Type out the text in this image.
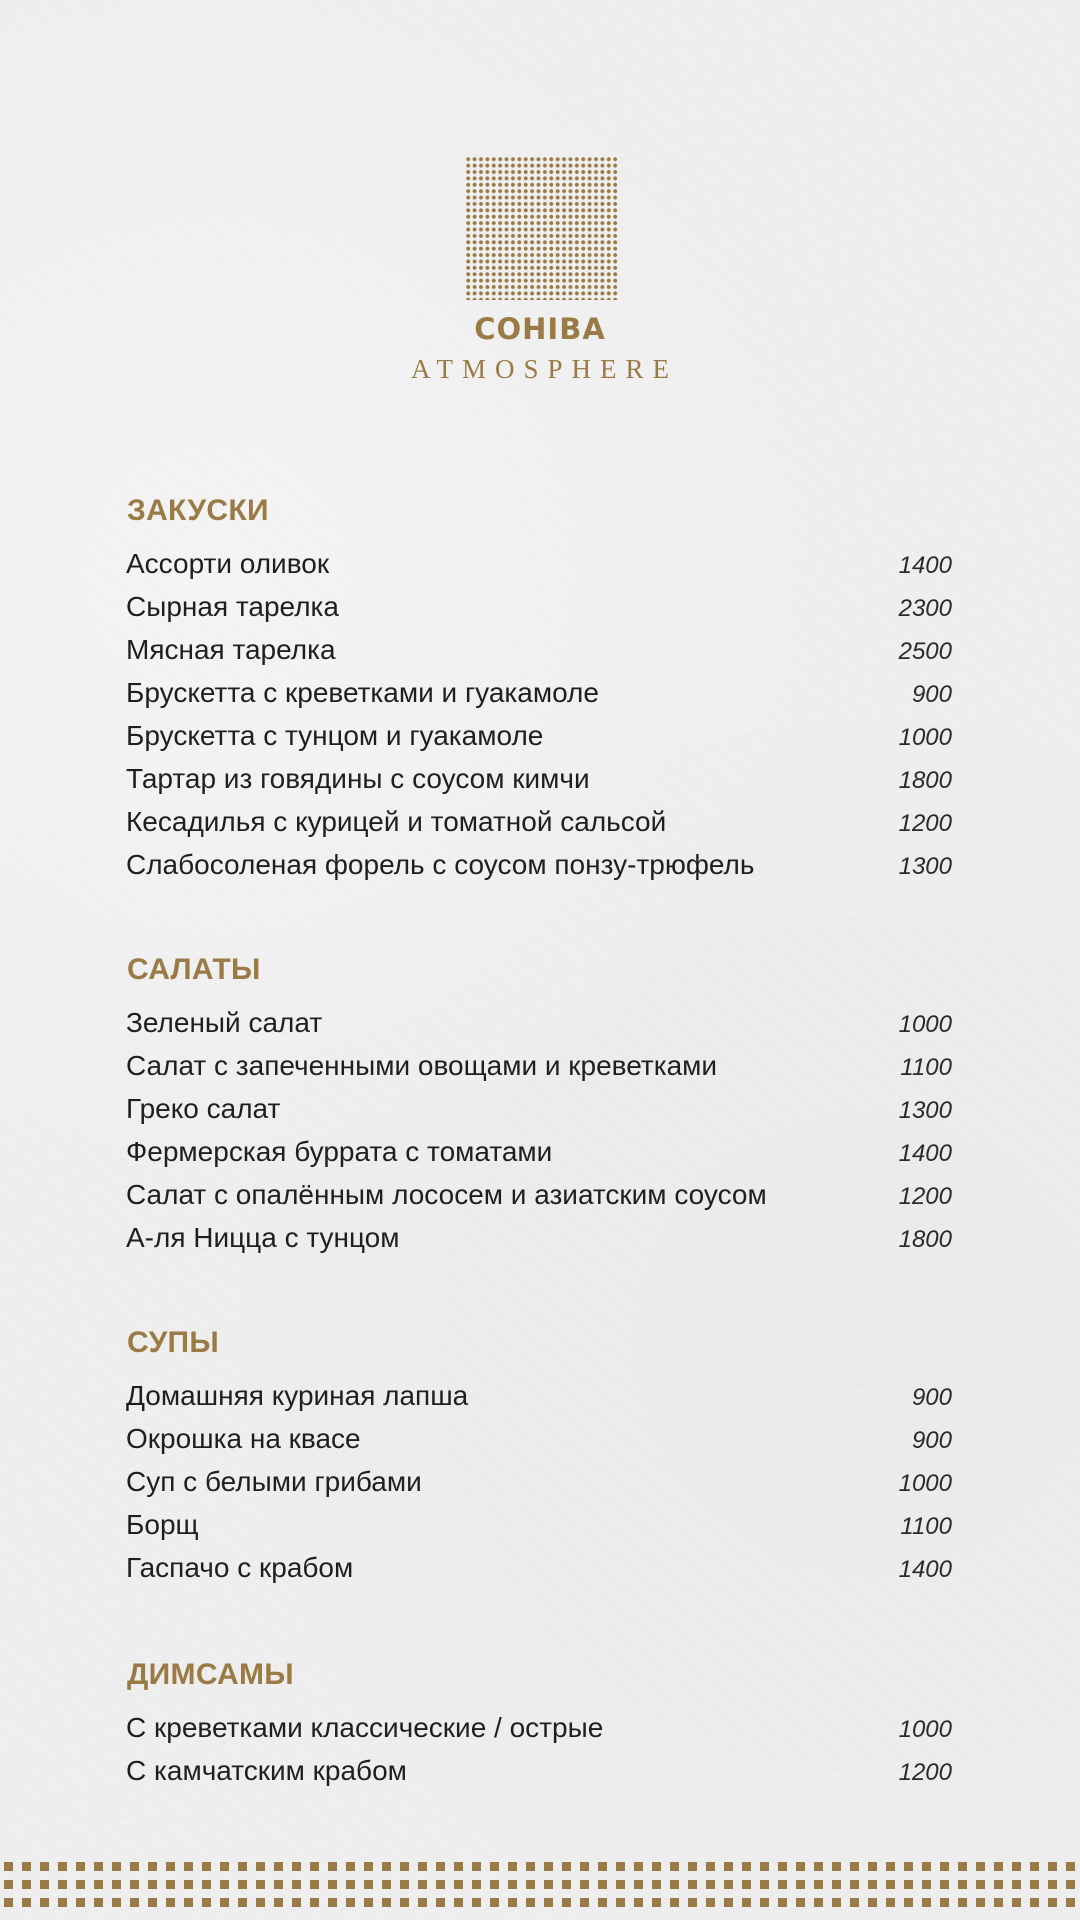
COHIBA
ATMOSPHERE
ЗАКУСКИ
Ассорти оливок	1400
Сырная тарелка	2300
Мясная тарелка	2500
Брускетта с креветками и гуакамоле	900
Брускетта с тунцом и гуакамоле	1000
Тартар из говядины с соусом кимчи	1800
Кесадилья с курицей и томатной сальсой	1200
Слабосоленая форель с соусом понзу-трюфель	1300
САЛАТЫ
Зеленый салат	1000
Салат с запеченными овощами и креветками	1100
Греко салат	1300
Фермерская буррата с томатами	1400
Салат с опалённым лососем и азиатским соусом	1200
А-ля Ницца с тунцом	1800
СУПЫ
Домашняя куриная лапша	900
Окрошка на квасе	900
Суп с белыми грибами	1000
Борщ	1100
Гаспачо с крабом	1400
ДИМСАМЫ
С креветками классические / острые	1000
С камчатским крабом	1200
